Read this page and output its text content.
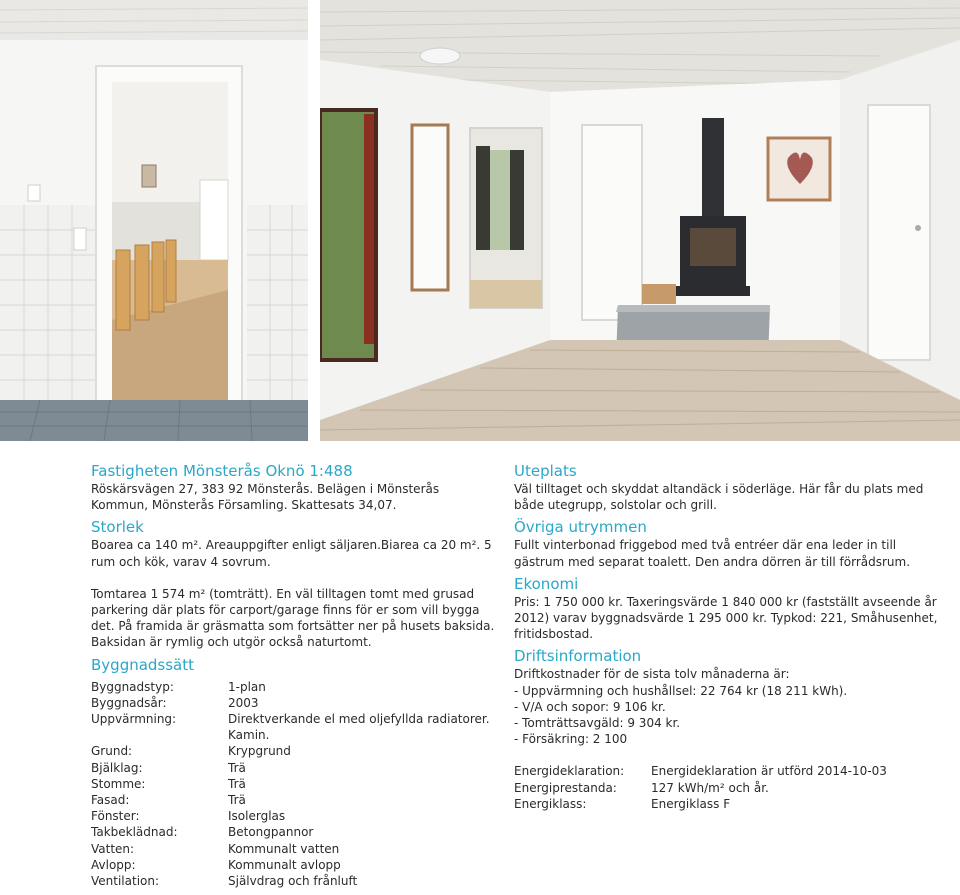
Fastigheten Mönsterås Oknö 1:488

Röskärsvägen 27, 383 92 Mönsterås. Belägen i Mönsterås Kommun, Mönsterås Församling. Skattesats 34,07.

Storlek

Boarea ca 140 m². Areauppgifter enligt säljaren.Biarea ca 20 m². 5 rum och kök, varav 4 sovrum.

Tomtarea 1 574 m² (tomträtt). En väl tilltagen tomt med grusad parkering där plats för carport/garage finns för er som vill bygga det. På framida är gräsmatta som fortsätter ner på husets baksida. Baksidan är rymlig och utgör också naturtomt.

Byggnadssätt
Byggnadstyp:	1-plan
Byggnadsår:	2003
Uppvärmning:	Direktverkande el med oljefyllda radiatorer. Kamin.
Grund:	Krypgrund
Bjälklag:	Trä
Stomme:	Trä
Fasad:	Trä
Fönster:	Isolerglas
Takbeklädnad:	Betongpannor
Vatten:	Kommunalt vatten
Avlopp:	Kommunalt avlopp
Ventilation:	Självdrag och frånluft
Uteplats

Väl tilltaget och skyddat altandäck i söderläge. Här får du plats med både utegrupp, solstolar och grill.

Övriga utrymmen

Fullt vinterbonad friggebod med två entréer där ena leder in till gästrum med separat toalett. Den andra dörren är till förrådsrum.

Ekonomi

Pris: 1 750 000 kr. Taxeringsvärde 1 840 000 kr (fastställt avseende år 2012) varav byggnadsvärde 1 295 000 kr. Typkod: 221, Småhusenhet, fritidsbostad.

Driftsinformation

Driftkostnader för de sista tolv månaderna är:

- Uppvärmning och hushållsel: 22 764 kr (18 211 kWh).

- V/A och sopor: 9 106 kr.

- Tomträttsavgäld: 9 304 kr.

- Försäkring: 2 100

Energideklaration:	Energideklaration är utförd 2014-10-03
Energiprestanda:	127 kWh/m² och år.
Energiklass:	Energiklass F
